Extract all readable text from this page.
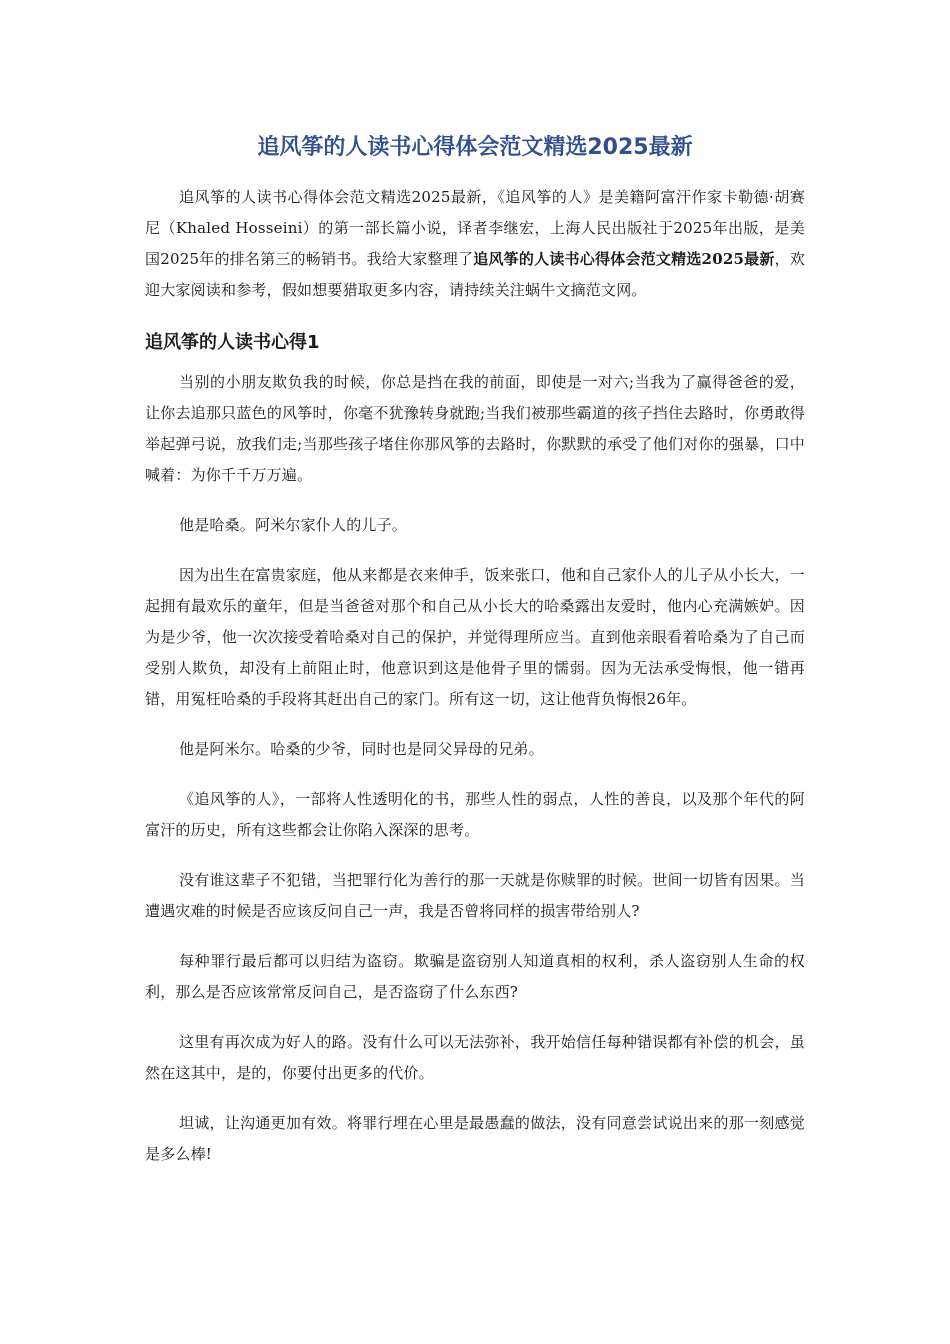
追风筝的人读书心得体会范文精选2025最新

追风筝的人读书心得体会范文精选2025最新，《追风筝的人》是美籍阿富汗作家卡勒德·胡赛尼（Khaled Hosseini）的第一部长篇小说，译者李继宏，上海人民出版社于2025年出版，是美国2025年的排名第三的畅销书。我给大家整理了追风筝的人读书心得体会范文精选2025最新，欢迎大家阅读和参考，假如想要猎取更多内容，请持续关注蜗牛文摘范文网。

追风筝的人读书心得1

当别的小朋友欺负我的时候，你总是挡在我的前面，即使是一对六;当我为了赢得爸爸的爱，让你去追那只蓝色的风筝时，你毫不犹豫转身就跑;当我们被那些霸道的孩子挡住去路时，你勇敢得举起弹弓说，放我们走;当那些孩子堵住你那风筝的去路时，你默默的承受了他们对你的强暴，口中喊着：为你千千万万遍。

他是哈桑。阿米尔家仆人的儿子。

因为出生在富贵家庭，他从来都是衣来伸手，饭来张口，他和自己家仆人的儿子从小长大，一起拥有最欢乐的童年，但是当爸爸对那个和自己从小长大的哈桑露出友爱时，他内心充满嫉妒。因为是少爷，他一次次接受着哈桑对自己的保护，并觉得理所应当。直到他亲眼看着哈桑为了自己而受别人欺负，却没有上前阻止时，他意识到这是他骨子里的懦弱。因为无法承受悔恨，他一错再错，用冤枉哈桑的手段将其赶出自己的家门。所有这一切，这让他背负悔恨26年。

他是阿米尔。哈桑的少爷，同时也是同父异母的兄弟。

《追风筝的人》，一部将人性透明化的书，那些人性的弱点，人性的善良，以及那个年代的阿富汗的历史，所有这些都会让你陷入深深的思考。

没有谁这辈子不犯错，当把罪行化为善行的那一天就是你赎罪的时候。世间一切皆有因果。当遭遇灾难的时候是否应该反问自己一声，我是否曾将同样的损害带给别人?

每种罪行最后都可以归结为盗窃。欺骗是盗窃别人知道真相的权利，杀人盗窃别人生命的权利，那么是否应该常常反问自己，是否盗窃了什么东西?

这里有再次成为好人的路。没有什么可以无法弥补，我开始信任每种错误都有补偿的机会，虽然在这其中，是的，你要付出更多的代价。

坦诚，让沟通更加有效。将罪行埋在心里是最愚蠢的做法，没有同意尝试说出来的那一刻感觉是多么棒!
